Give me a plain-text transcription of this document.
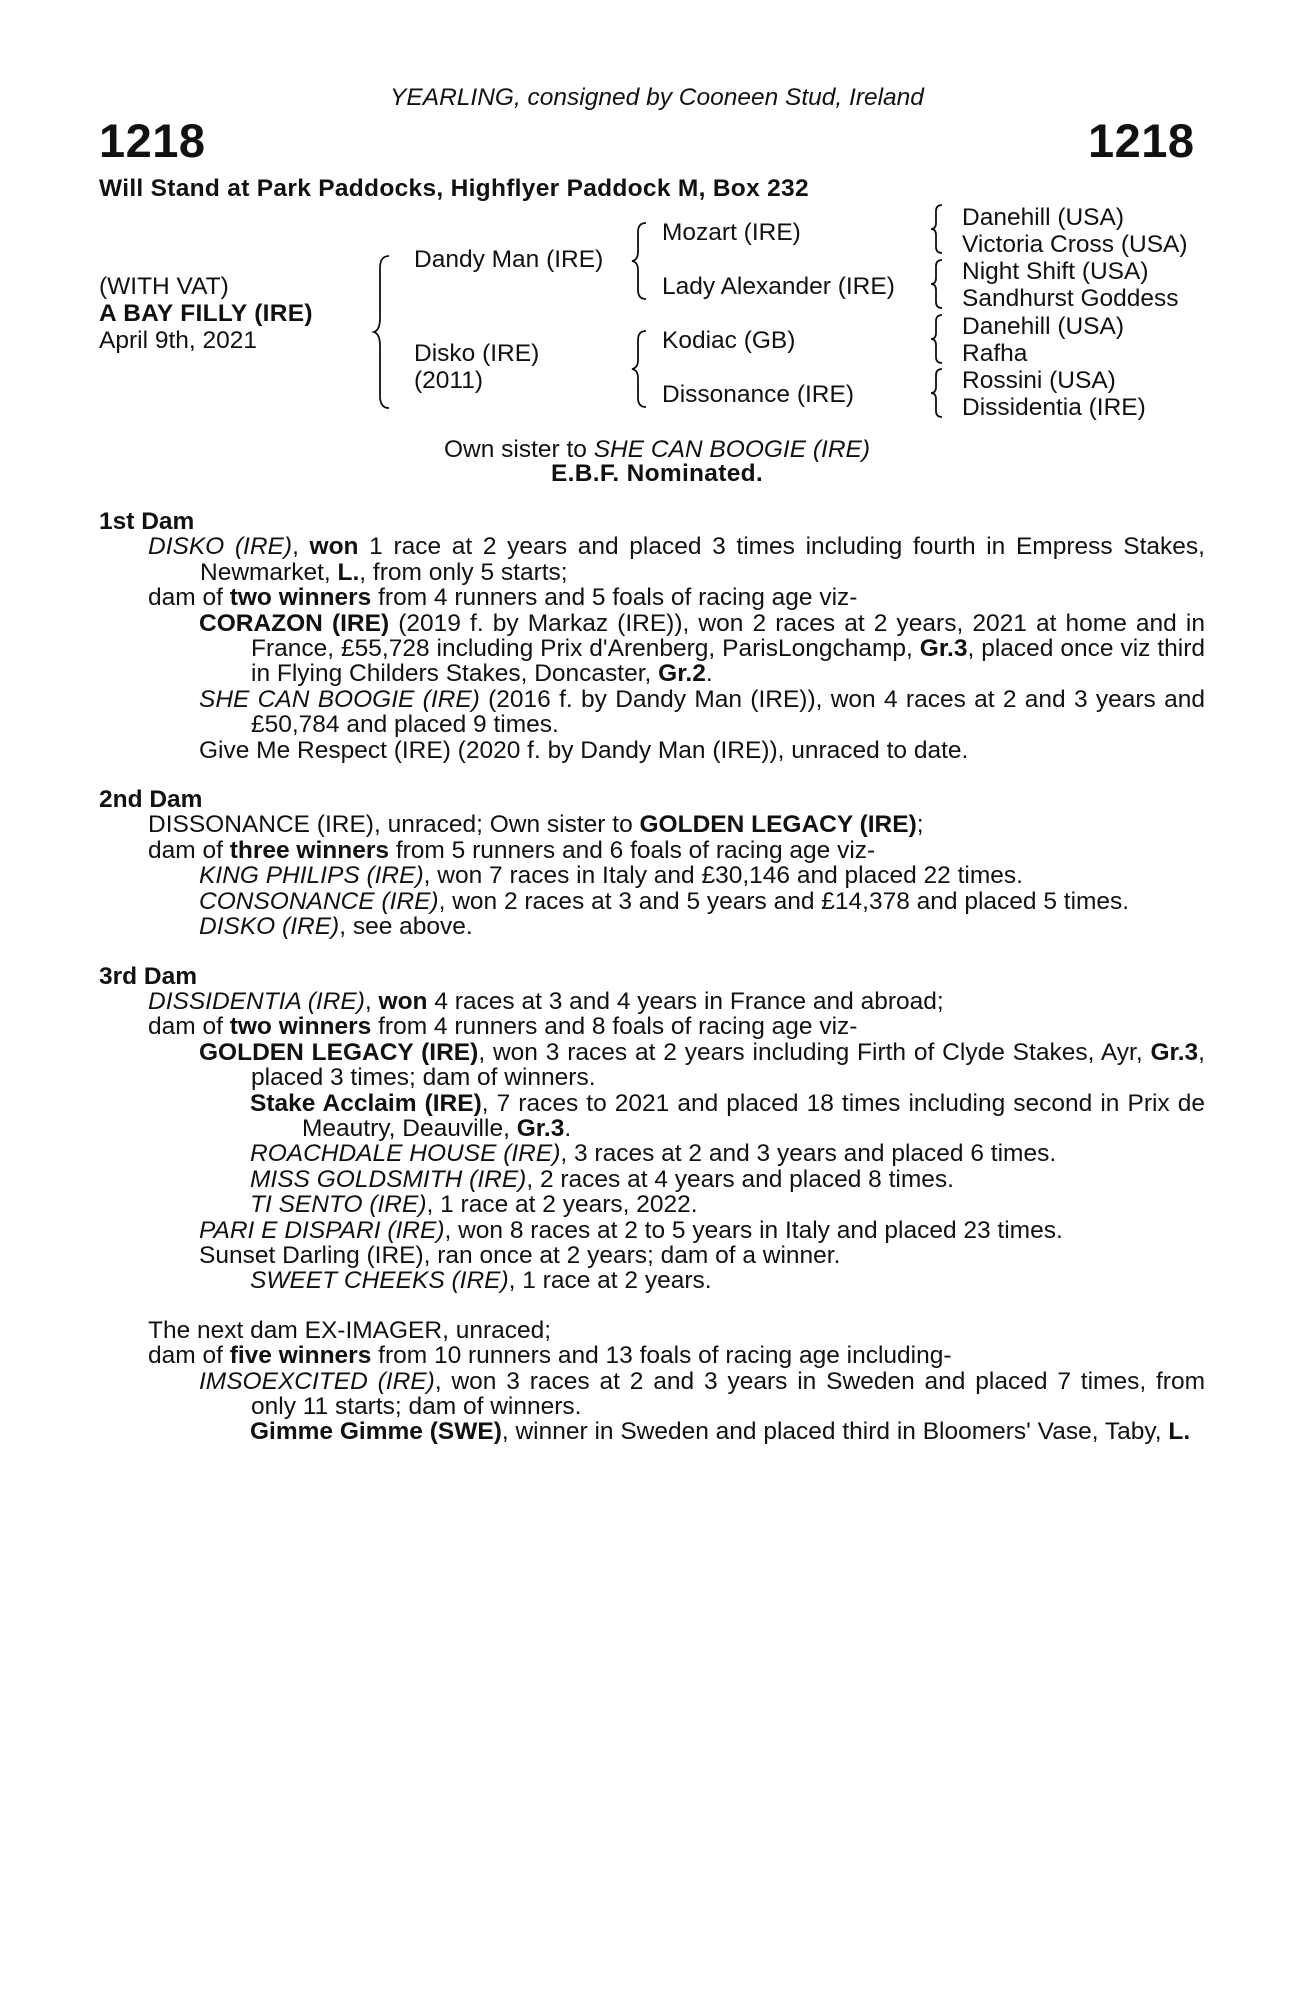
YEARLING, consigned by Cooneen Stud, Ireland
1218	1218
Will Stand at Park Paddocks, Highflyer Paddock M, Box 232
(WITH VAT)
A BAY FILLY (IRE)
April 9th, 2021
Dandy Man (IRE)
Disko (IRE)
(2011)
Mozart (IRE)
Lady Alexander (IRE)
Kodiac (GB)
Dissonance (IRE)
Danehill (USA)
Victoria Cross (USA)
Night Shift (USA)
Sandhurst Goddess
Danehill (USA)
Rafha
Rossini (USA)
Dissidentia (IRE)
Own sister to SHE CAN BOOGIE (IRE)
E.B.F. Nominated.

1st Dam

DISKO (IRE), won 1 race at 2 years and placed 3 times including fourth in Empress Stakes, Newmarket, L., from only 5 starts;

dam of two winners from 4 runners and 5 foals of racing age viz-

CORAZON (IRE) (2019 f. by Markaz (IRE)), won 2 races at 2 years, 2021 at home and in France, £55,728 including Prix d'Arenberg, ParisLongchamp, Gr.3, placed once viz third in Flying Childers Stakes, Doncaster, Gr.2.

SHE CAN BOOGIE (IRE) (2016 f. by Dandy Man (IRE)), won 4 races at 2 and 3 years and £50,784 and placed 9 times.

Give Me Respect (IRE) (2020 f. by Dandy Man (IRE)), unraced to date.

2nd Dam

DISSONANCE (IRE), unraced; Own sister to GOLDEN LEGACY (IRE);

dam of three winners from 5 runners and 6 foals of racing age viz-

KING PHILIPS (IRE), won 7 races in Italy and £30,146 and placed 22 times.

CONSONANCE (IRE), won 2 races at 3 and 5 years and £14,378 and placed 5 times.

DISKO (IRE), see above.

3rd Dam

DISSIDENTIA (IRE), won 4 races at 3 and 4 years in France and abroad;

dam of two winners from 4 runners and 8 foals of racing age viz-

GOLDEN LEGACY (IRE), won 3 races at 2 years including Firth of Clyde Stakes, Ayr, Gr.3, placed 3 times; dam of winners.

Stake Acclaim (IRE), 7 races to 2021 and placed 18 times including second in Prix de Meautry, Deauville, Gr.3.

ROACHDALE HOUSE (IRE), 3 races at 2 and 3 years and placed 6 times.

MISS GOLDSMITH (IRE), 2 races at 4 years and placed 8 times.

TI SENTO (IRE), 1 race at 2 years, 2022.

PARI E DISPARI (IRE), won 8 races at 2 to 5 years in Italy and placed 23 times.

Sunset Darling (IRE), ran once at 2 years; dam of a winner.

SWEET CHEEKS (IRE), 1 race at 2 years.

The next dam EX-IMAGER, unraced;

dam of five winners from 10 runners and 13 foals of racing age including-

IMSOEXCITED (IRE), won 3 races at 2 and 3 years in Sweden and placed 7 times, from only 11 starts; dam of winners.

Gimme Gimme (SWE), winner in Sweden and placed third in Bloomers' Vase, Taby, L.
